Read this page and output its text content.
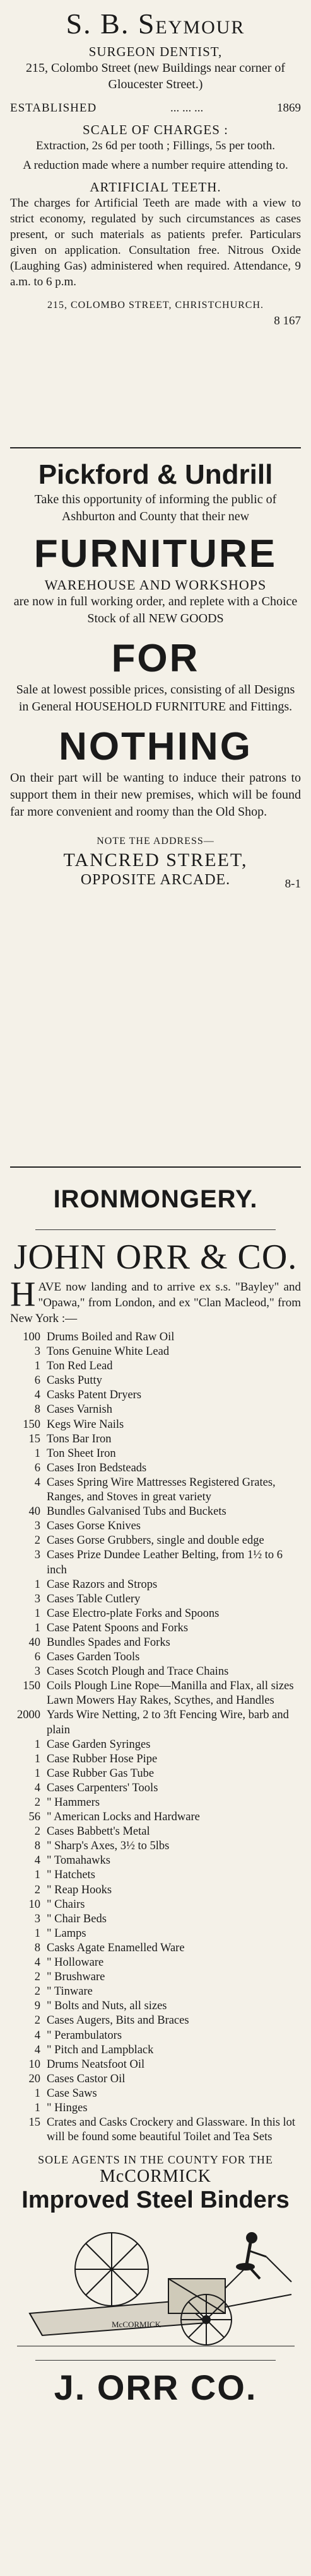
S. B. SEYMOUR
SURGEON DENTIST,
215, Colombo Street (new Buildings near corner of Gloucester Street.)
ESTABLISHED	... ... ...	1869
SCALE OF CHARGES :
Extraction, 2s 6d per tooth ; Fillings, 5s per tooth.
A reduction made where a number require attending to.
ARTIFICIAL TEETH.
The charges for Artificial Teeth are made with a view to strict economy, regulated by such circumstances as cases present, or such materials as patients prefer. Particulars given on application. Consultation free. Nitrous Oxide (Laughing Gas) administered when required. Attendance, 9 a.m. to 6 p.m.
215, COLOMBO STREET, CHRISTCHURCH.
8 167
Pickford & Undrill
Take this opportunity of informing the public of Ashburton and County that their new
FURNITURE
WAREHOUSE AND WORKSHOPS
are now in full working order, and replete with a Choice Stock of all NEW GOODS
FOR
Sale at lowest possible prices, consisting of all Designs in General HOUSEHOLD FURNITURE and Fittings.
NOTHING
On their part will be wanting to induce their patrons to support them in their new premises, which will be found far more convenient and roomy than the Old Shop.
NOTE THE ADDRESS—
TANCRED STREET,
OPPOSITE ARCADE.	8-1
IRONMONGERY.
JOHN ORR & CO.
HAVE now landing and to arrive ex s.s. "Bayley" and "Opawa," from London, and ex "Clan Macleod," from New York :—
100 Drums Boiled and Raw Oil
3 Tons Genuine White Lead
1 Ton Red Lead
6 Casks Putty
4 Casks Patent Dryers
8 Cases Varnish
150 Kegs Wire Nails
15 Tons Bar Iron
1 Ton Sheet Iron
6 Cases Iron Bedsteads
4 Cases Spring Wire Mattresses Registered Grates, Ranges, and Stoves in great variety
40 Bundles Galvanised Tubs and Buckets
3 Cases Gorse Knives
2 Cases Gorse Grubbers, single and double edge
3 Cases Prize Dundee Leather Belting, from 1½ to 6 inch
1 Case Razors and Strops
3 Cases Table Cutlery
1 Case Electro-plate Forks and Spoons
1 Case Patent Spoons and Forks
40 Bundles Spades and Forks
6 Cases Garden Tools
3 Cases Scotch Plough and Trace Chains
150 Coils Plough Line Rope—Manilla and Flax, all sizes Lawn Mowers Hay Rakes, Scythes, and Handles
2000 Yards Wire Netting, 2 to 3ft Fencing Wire, barb and plain
1 Case Garden Syringes
1 Case Rubber Hose Pipe
1 Case Rubber Gas Tube
4 Cases Carpenters' Tools
2 " Hammers
56 " American Locks and Hardware
2 Cases Babbett's Metal
8 " Sharp's Axes, 3½ to 5lbs
4 " Tomahawks
1 " Hatchets
2 " Reap Hooks
10 " Chairs
3 " Chair Beds
1 " Lamps
8 Casks Agate Enamelled Ware
4 " Holloware
2 " Brushware
2 " Tinware
9 " Bolts and Nuts, all sizes
2 Cases Augers, Bits and Braces
4 " Perambulators
4 " Pitch and Lampblack
10 Drums Neatsfoot Oil
20 Cases Castor Oil
1 Case Saws
1 " Hinges
15 Crates and Casks Crockery and Glassware. In this lot will be found some beautiful Toilet and Tea Sets
SOLE AGENTS IN THE COUNTY FOR THE
McCORMICK
Improved Steel Binders
McCORMICK
J. ORR CO.
